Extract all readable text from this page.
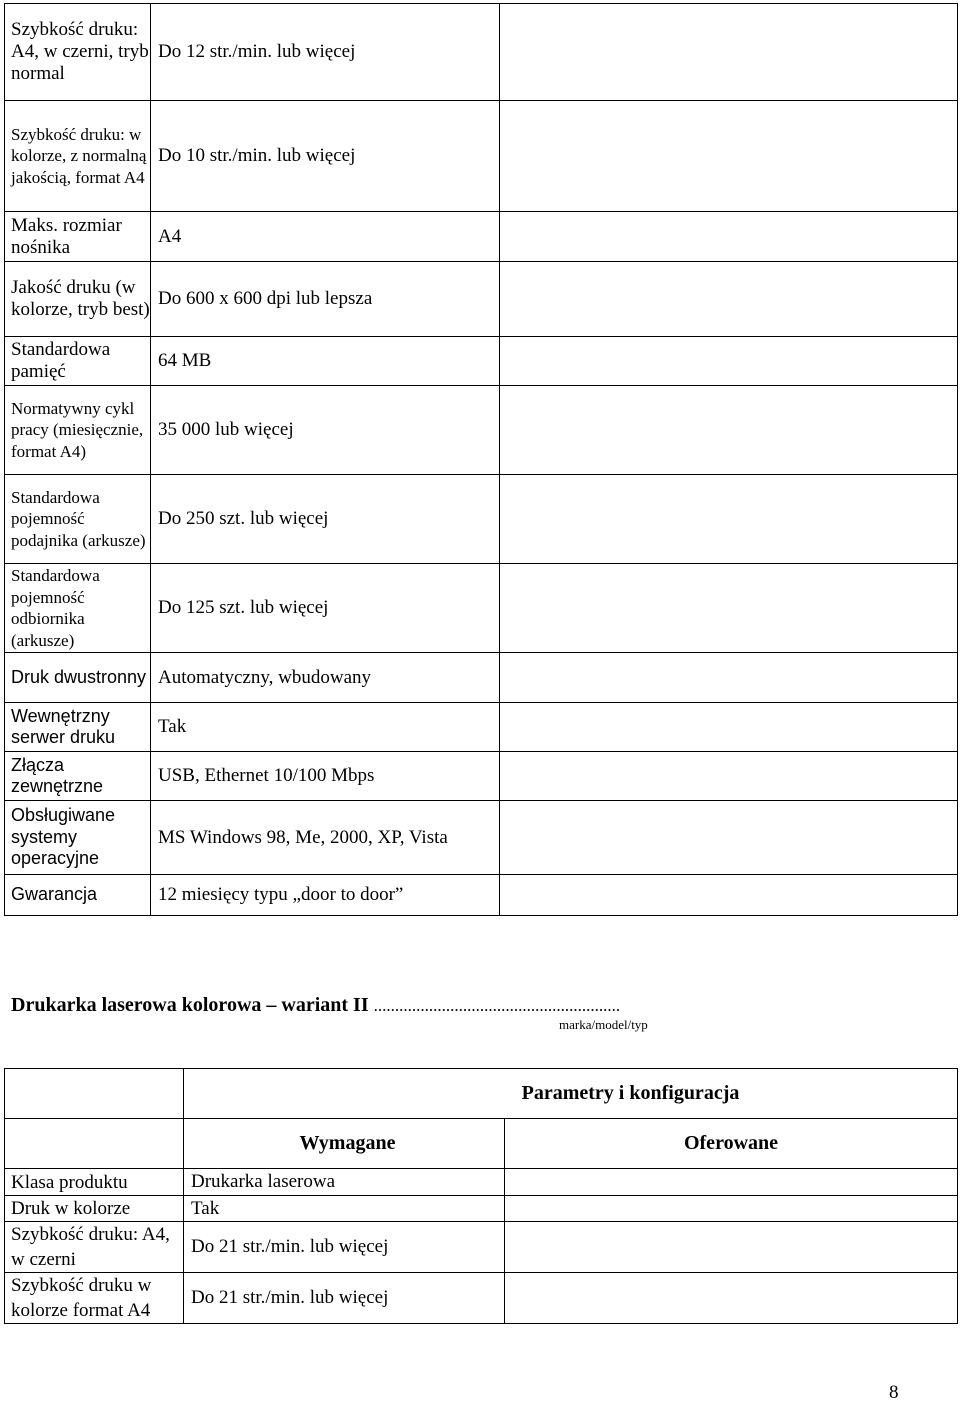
Szybkość druku: A4, w czerni, tryb normal	Do 12 str./min. lub więcej	
Szybkość druku: w kolorze, z normalną jakością, format A4	Do 10 str./min. lub więcej	
Maks. rozmiar nośnika	A4	
Jakość druku (w kolorze, tryb best)	Do 600 x 600 dpi lub lepsza	
Standardowa pamięć	64 MB	
Normatywny cykl pracy (miesięcznie, format A4)	35 000 lub więcej	
Standardowa pojemność podajnika (arkusze)	Do 250 szt. lub więcej	
Standardowa pojemność odbiornika (arkusze)	Do 125 szt. lub więcej	
Druk dwustronny	Automatyczny, wbudowany	
Wewnętrzny serwer druku	Tak	
Złącza zewnętrzne	USB, Ethernet 10/100 Mbps	
Obsługiwane systemy operacyjne	MS Windows 98, Me, 2000, XP, Vista	
Gwarancja	12 miesięcy typu „door to door”	
Drukarka laserowa kolorowa – wariant II ..........................................................
marka/model/typ
	Parametry i konfiguracja	
	Wymagane	Oferowane
Klasa produktu	Drukarka laserowa	
Druk w kolorze	Tak	
Szybkość druku: A4, w czerni	Do 21 str./min. lub więcej	
Szybkość druku w kolorze format A4	Do 21 str./min. lub więcej	
8
